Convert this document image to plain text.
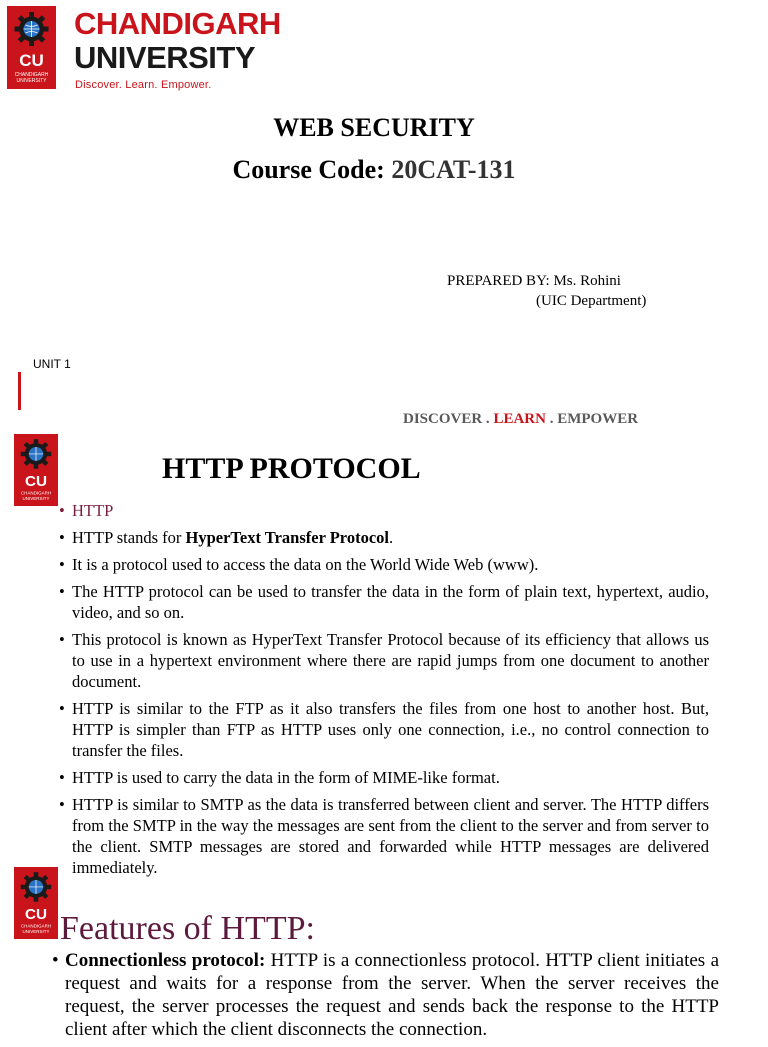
CU
CHANDIGARH
UNIVERSITY
CHANDIGARH
UNIVERSITY
Discover. Learn. Empower.
WEB SECURITY
Course Code: 20CAT-131
PREPARED BY: Ms. Rohini
(UIC Department)
UNIT 1
DISCOVER . LEARN . EMPOWER
CU
CHANDIGARH
UNIVERSITY
HTTP PROTOCOL
• HTTP
• HTTP stands for HyperText Transfer Protocol.
• It is a protocol used to access the data on the World Wide Web (www).
• The HTTP protocol can be used to transfer the data in the form of plain text, hypertext, audio, video, and so on.
• This protocol is known as HyperText Transfer Protocol because of its efficiency that allows us to use in a hypertext environment where there are rapid jumps from one document to another document.
• HTTP is similar to the FTP as it also transfers the files from one host to another host. But, HTTP is simpler than FTP as HTTP uses only one connection, i.e., no control connection to transfer the files.
• HTTP is used to carry the data in the form of MIME-like format.
• HTTP is similar to SMTP as the data is transferred between client and server. The HTTP differs from the SMTP in the way the messages are sent from the client to the server and from server to the client. SMTP messages are stored and forwarded while HTTP messages are delivered immediately.
CU
CHANDIGARH
UNIVERSITY Features of HTTP:
• Connectionless protocol: HTTP is a connectionless protocol. HTTP client initiates a request and waits for a response from the server. When the server receives the request, the server processes the request and sends back the response to the HTTP client after which the client disconnects the connection.
